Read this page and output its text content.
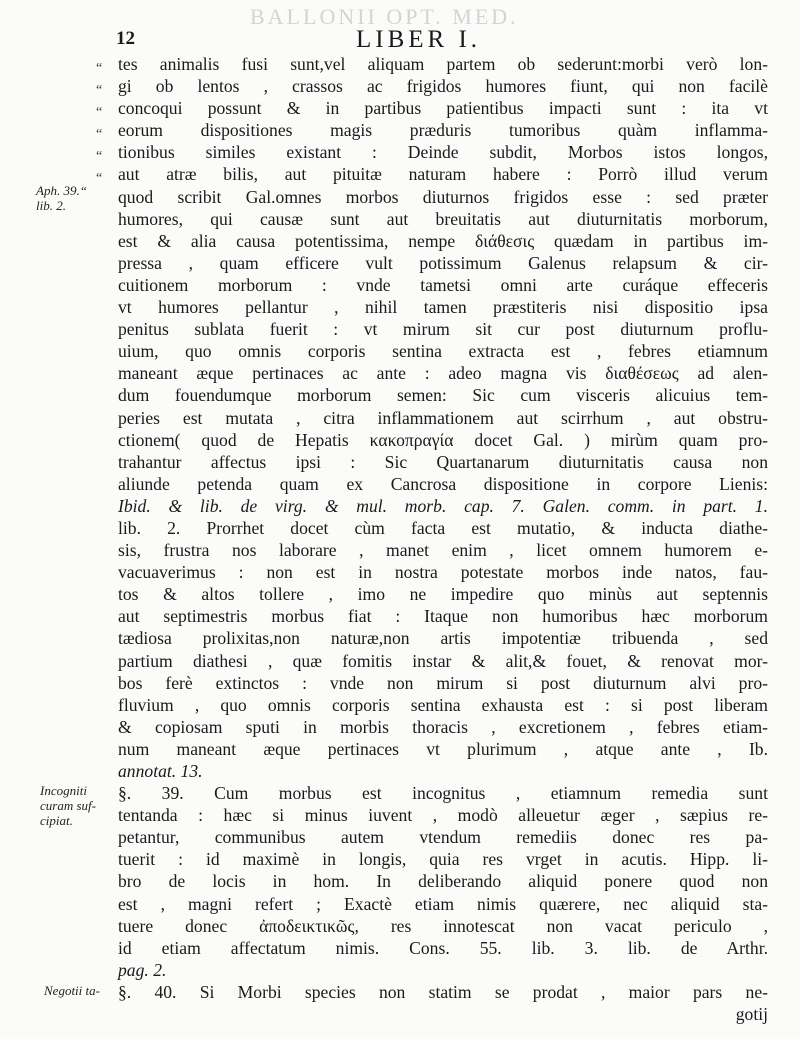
BALLONII OPT. MED.
12	LIBER I.
“
“
“
“
“
“
Aph. 39.“
lib. 2.
Incogniti
curam suf-
cipiat.
Negotii ta-
tes animalis fusi sunt,vel aliquam partem ob sederunt:morbi verò lon-
gi ob lentos , crassos ac frigidos humores fiunt, qui non facilè
concoqui possunt & in partibus patientibus impacti sunt : ita vt
eorum dispositiones magis præduris tumoribus quàm inflamma-
tionibus similes existant : Deinde subdit, Morbos istos longos,
aut atræ bilis, aut pituitæ naturam habere : Porrò illud verum
quod scribit Gal.omnes morbos diuturnos frigidos esse : sed præter
humores, qui causæ sunt aut breuitatis aut diuturnitatis morborum,
est & alia causa potentissima, nempe διάθεσις quædam in partibus im-
pressa , quam efficere vult potissimum Galenus relapsum & cir-
cuitionem morborum : vnde tametsi omni arte curáque effeceris
vt humores pellantur , nihil tamen præstiteris nisi dispositio ipsa
penitus sublata fuerit : vt mirum sit cur post diuturnum proflu-
uium, quo omnis corporis sentina extracta est , febres etiamnum
maneant æque pertinaces ac ante : adeo magna vis διαθέσεως ad alen-
dum fouendumque morborum semen: Sic cum visceris alicuius tem-
peries est mutata , citra inflammationem aut scirrhum , aut obstru-
ctionem( quod de Hepatis κακοπραγία docet Gal. ) mirùm quam pro-
trahantur affectus ipsi : Sic Quartanarum diuturnitatis causa non
aliunde petenda quam ex Cancrosa dispositione in corpore Lienis:
Ibid. & lib. de virg. & mul. morb. cap. 7. Galen. comm. in part. 1.
lib. 2. Prorrhet docet cùm facta est mutatio, & inducta diathe-
sis, frustra nos laborare , manet enim , licet omnem humorem e-
vacuaverimus : non est in nostra potestate morbos inde natos, fau-
tos & altos tollere , imo ne impedire quo minùs aut septennis
aut septimestris morbus fiat : Itaque non humoribus hæc morborum
tædiosa prolixitas,non naturæ,non artis impotentiæ tribuenda , sed
partium diathesi , quæ fomitis instar & alit,& fouet, & renovat mor-
bos ferè extinctos : vnde non mirum si post diuturnum alvi pro-
fluvium , quo omnis corporis sentina exhausta est : si post liberam
& copiosam sputi in morbis thoracis , excretionem , febres etiam-
num maneant æque pertinaces vt plurimum , atque ante , Ib.
annotat. 13.
§. 39. Cum morbus est incognitus , etiamnum remedia sunt
tentanda : hæc si minus iuvent , modò alleuetur æger , sæpius re-
petantur, communibus autem vtendum remediis donec res pa-
tuerit : id maximè in longis, quia res vrget in acutis. Hipp. li-
bro de locis in hom. In deliberando aliquid ponere quod non
est , magni refert ; Exactè etiam nimis quærere, nec aliquid sta-
tuere donec ἀποδεικτικῶς, res innotescat non vacat periculo ,
id etiam affectatum nimis. Cons. 55. lib. 3. lib. de Arthr.
pag. 2.
§. 40. Si Morbi species non statim se prodat , maior pars ne-
gotij
